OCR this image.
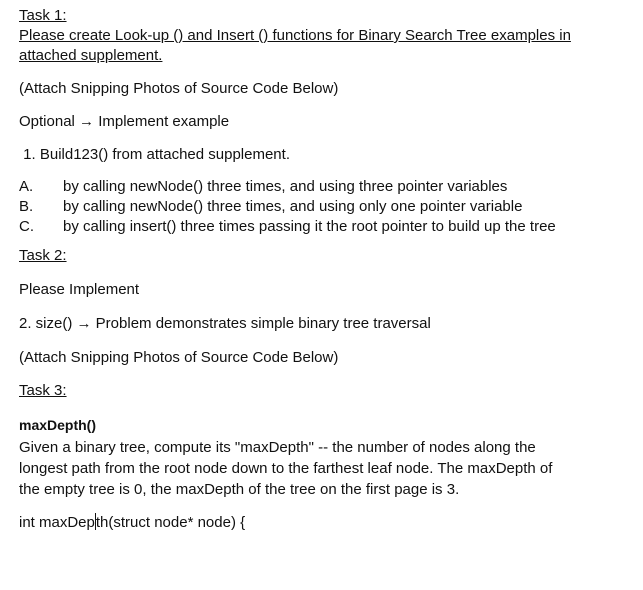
Task 1:
Please create Look-up () and Insert () functions for Binary Search Tree examples in
attached supplement.
(Attach Snipping Photos of Source Code Below)
Optional → Implement example
1. Build123() from attached supplement.
A.	by calling newNode() three times, and using three pointer variables
B.	by calling newNode() three times, and using only one pointer variable
C.	by calling insert() three times passing it the root pointer to build up the tree
Task 2:
Please Implement
2. size() → Problem demonstrates simple binary tree traversal
(Attach Snipping Photos of Source Code Below)
Task 3:
maxDepth()
Given a binary tree, compute its "maxDepth" -- the number of nodes along the
longest path from the root node down to the farthest leaf node. The maxDepth of
the empty tree is 0, the maxDepth of the tree on the first page is 3.
int maxDepth(struct node* node) {
